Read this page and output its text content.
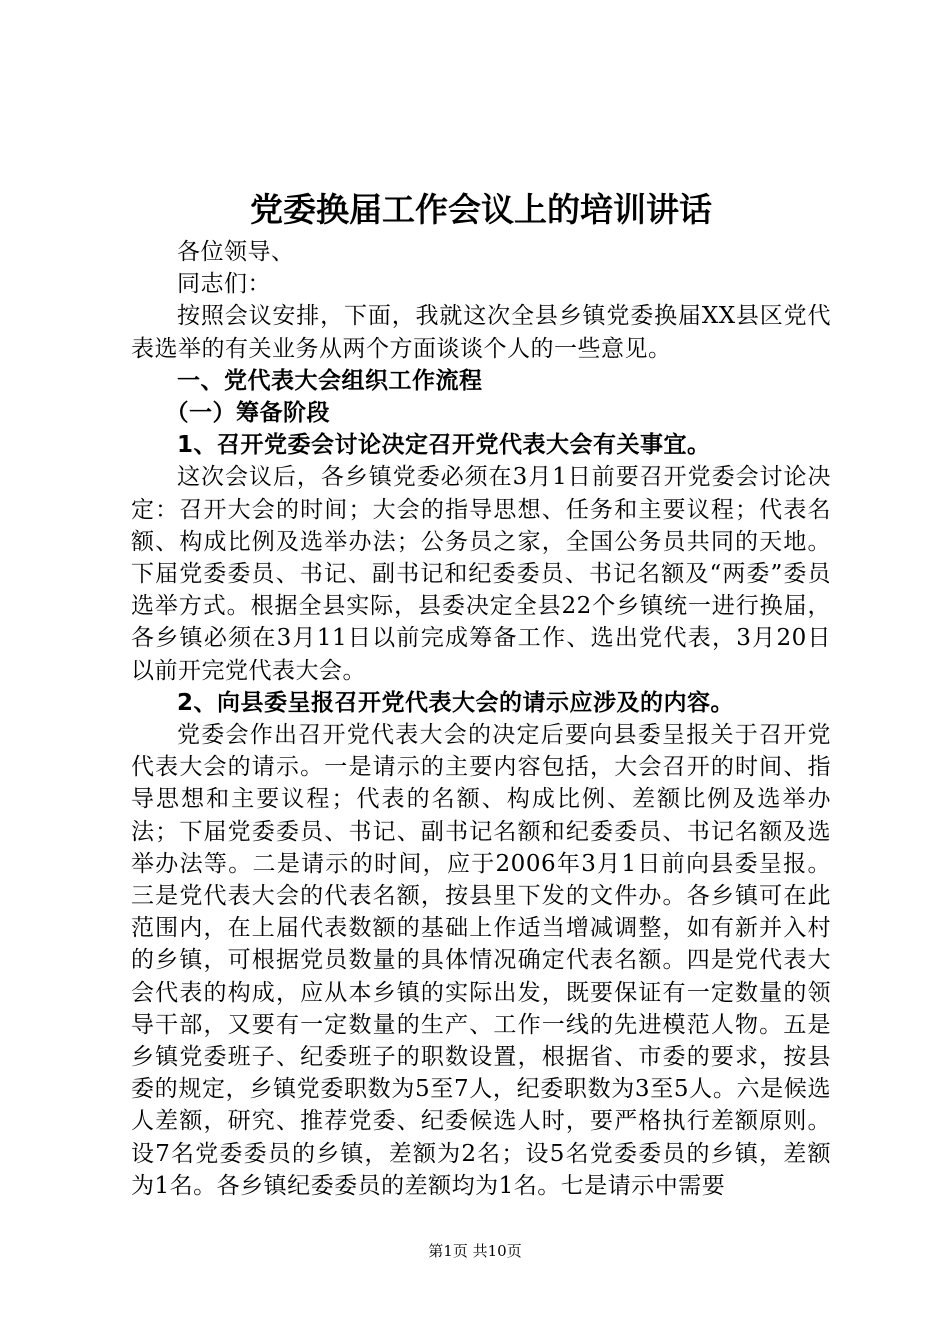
党委换届工作会议上的培训讲话

各位领导、

同志们：

按照会议安排，下面，我就这次全县乡镇党委换届XX县区党代表选举的有关业务从两个方面谈谈个人的一些意见。

一、党代表大会组织工作流程

（一）筹备阶段

1、召开党委会讨论决定召开党代表大会有关事宜。

这次会议后，各乡镇党委必须在3月1日前要召开党委会讨论决定：召开大会的时间；大会的指导思想、任务和主要议程；代表名额、构成比例及选举办法；公务员之家，全国公务员共同的天地。下届党委委员、书记、副书记和纪委委员、书记名额及“两委”委员选举方式。根据全县实际，县委决定全县22个乡镇统一进行换届，各乡镇必须在3月11日以前完成筹备工作、选出党代表，3月20日以前开完党代表大会。

2、向县委呈报召开党代表大会的请示应涉及的内容。

党委会作出召开党代表大会的决定后要向县委呈报关于召开党代表大会的请示。一是请示的主要内容包括，大会召开的时间、指导思想和主要议程；代表的名额、构成比例、差额比例及选举办法；下届党委委员、书记、副书记名额和纪委委员、书记名额及选举办法等。二是请示的时间，应于2006年3月1日前向县委呈报。三是党代表大会的代表名额，按县里下发的文件办。各乡镇可在此范围内，在上届代表数额的基础上作适当增减调整，如有新并入村的乡镇，可根据党员数量的具体情况确定代表名额。四是党代表大会代表的构成，应从本乡镇的实际出发，既要保证有一定数量的领导干部，又要有一定数量的生产、工作一线的先进模范人物。五是乡镇党委班子、纪委班子的职数设置，根据省、市委的要求，按县委的规定，乡镇党委职数为5至7人，纪委职数为3至5人。六是候选人差额，研究、推荐党委、纪委候选人时，要严格执行差额原则。设7名党委委员的乡镇，差额为2名；设5名党委委员的乡镇，差额为1名。各乡镇纪委委员的差额均为1名。七是请示中需要

第1页 共10页
